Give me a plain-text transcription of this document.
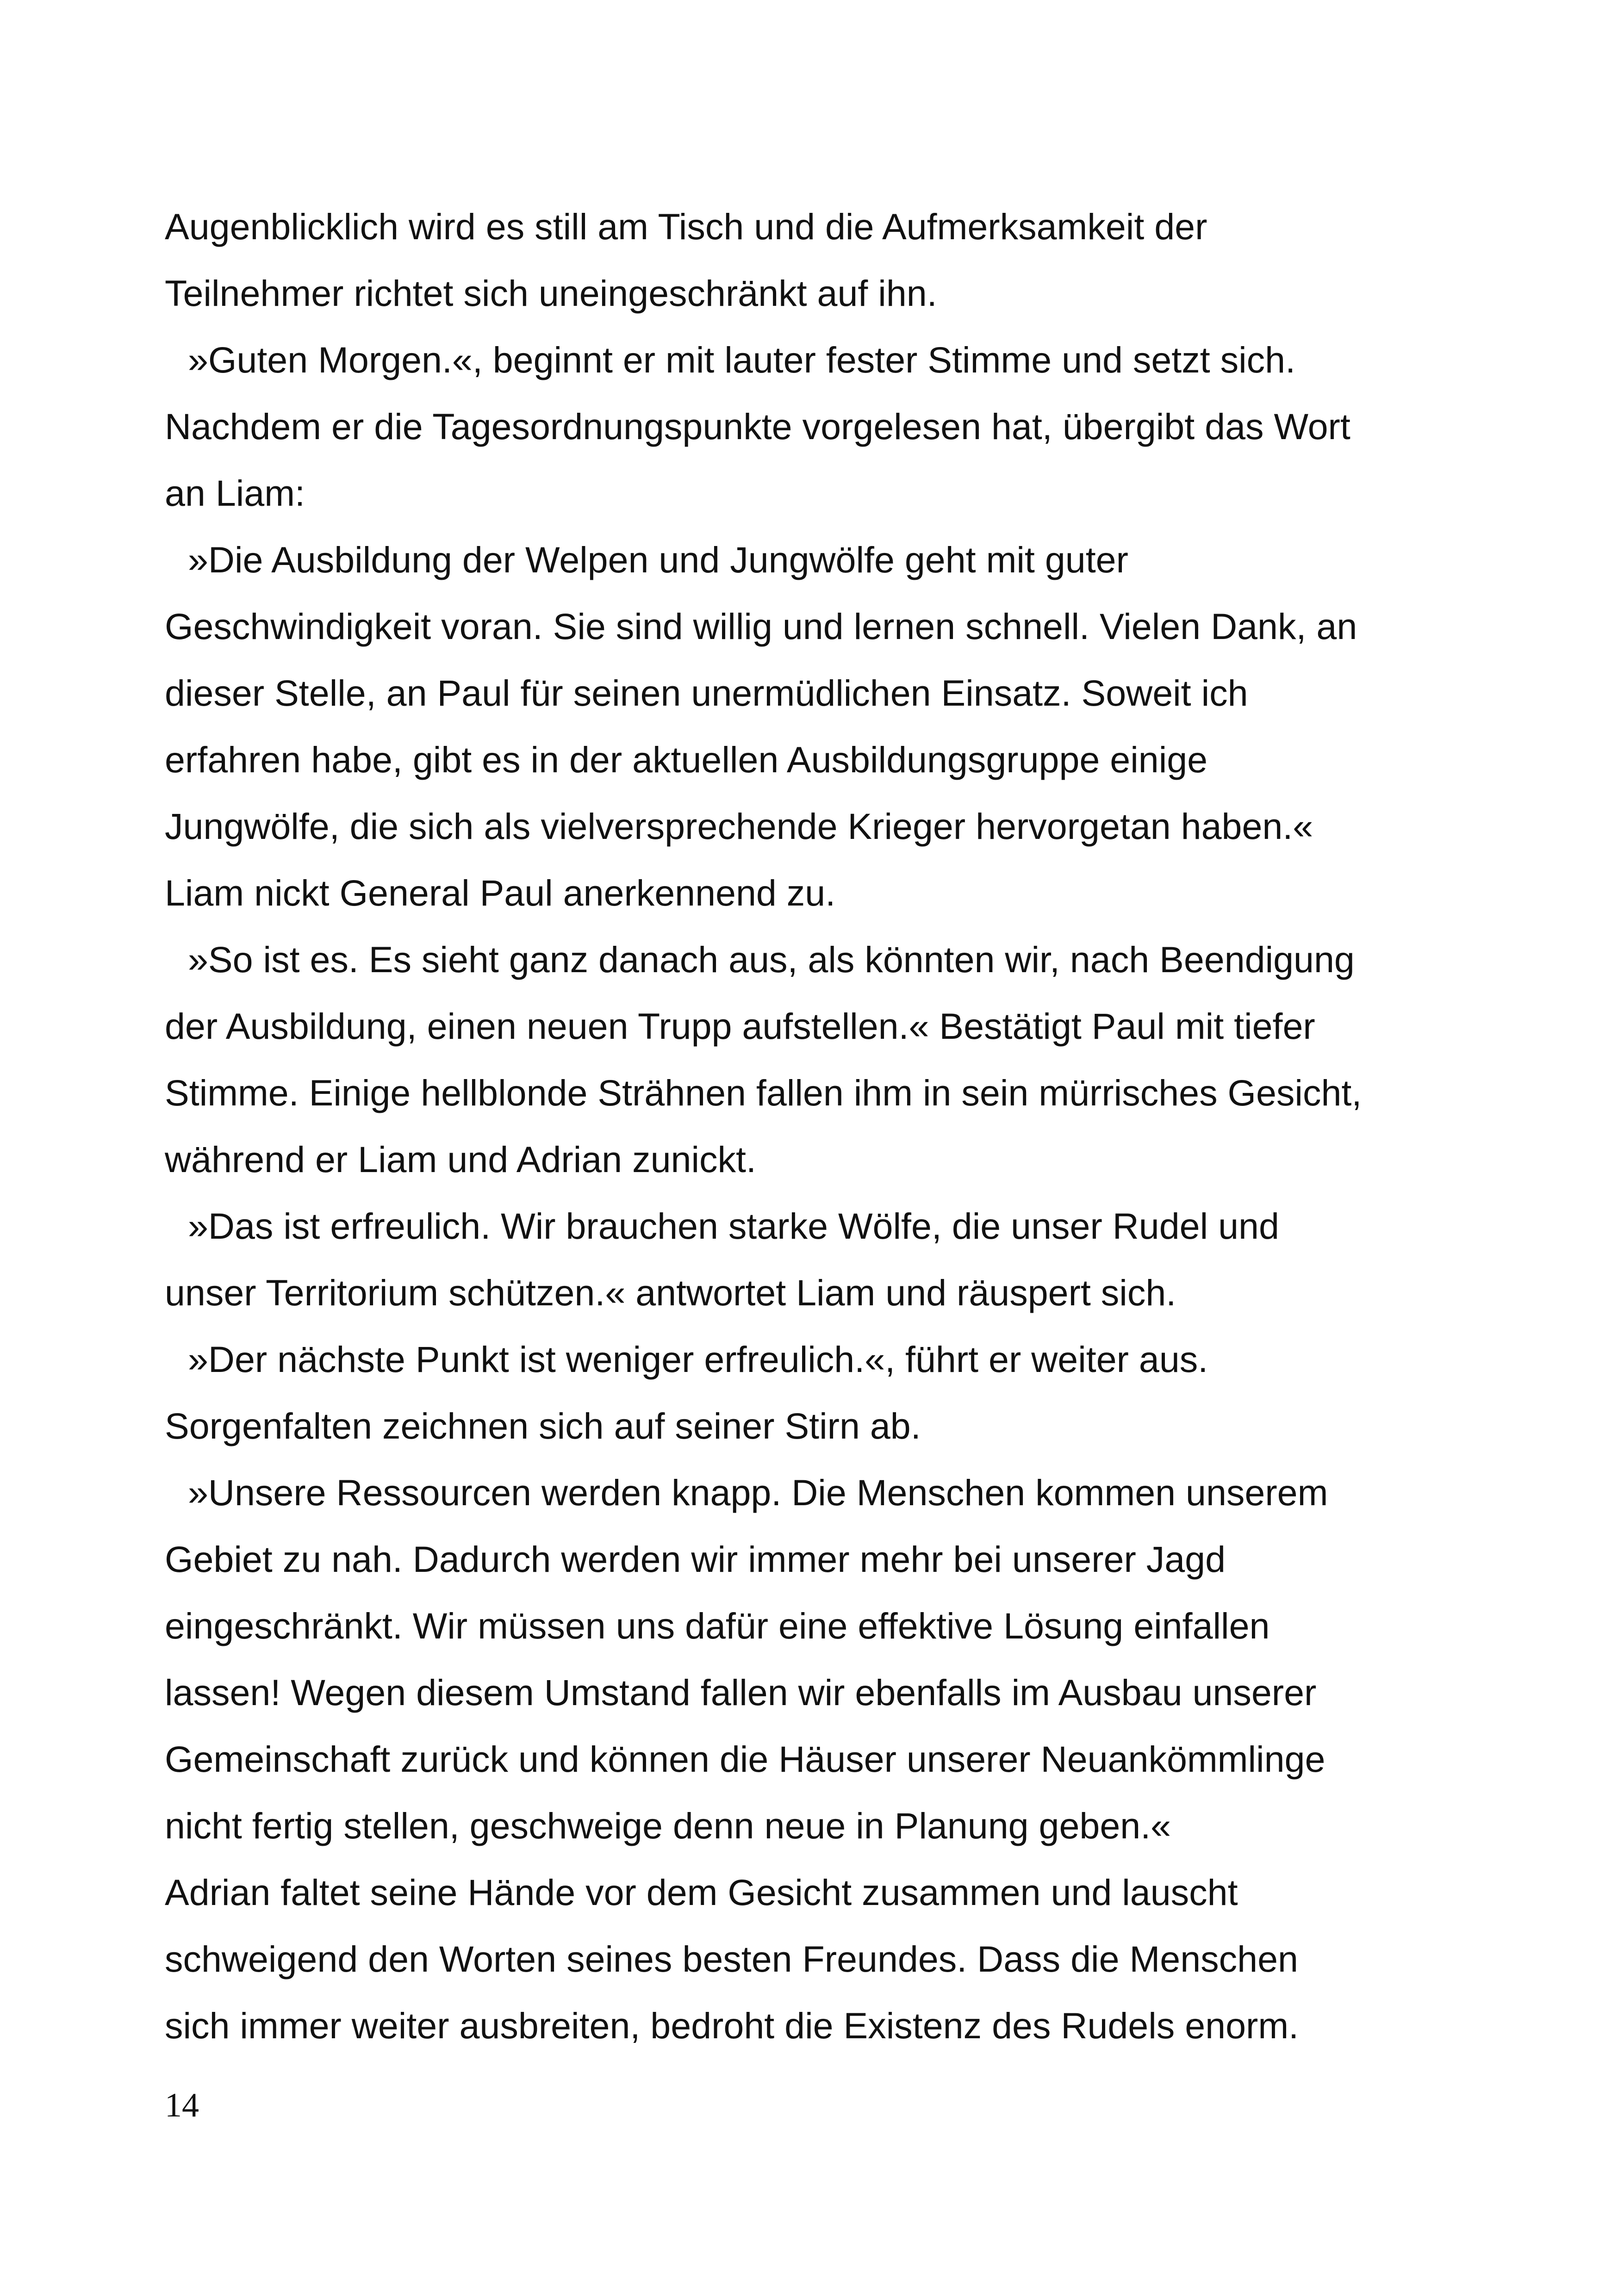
Augenblicklich wird es still am Tisch und die Aufmerksamkeit der
Teilnehmer richtet sich uneingeschränkt auf ihn.
»Guten Morgen.«, beginnt er mit lauter fester Stimme und setzt sich.
Nachdem er die Tagesordnungspunkte vorgelesen hat, übergibt das Wort
an Liam:
»Die Ausbildung der Welpen und Jungwölfe geht mit guter
Geschwindigkeit voran. Sie sind willig und lernen schnell. Vielen Dank, an
dieser Stelle, an Paul für seinen unermüdlichen Einsatz. Soweit ich
erfahren habe, gibt es in der aktuellen Ausbildungsgruppe einige
Jungwölfe, die sich als vielversprechende Krieger hervorgetan haben.«
Liam nickt General Paul anerkennend zu.
»So ist es. Es sieht ganz danach aus, als könnten wir, nach Beendigung
der Ausbildung, einen neuen Trupp aufstellen.« Bestätigt Paul mit tiefer
Stimme. Einige hellblonde Strähnen fallen ihm in sein mürrisches Gesicht,
während er Liam und Adrian zunickt.
»Das ist erfreulich. Wir brauchen starke Wölfe, die unser Rudel und
unser Territorium schützen.« antwortet Liam und räuspert sich.
»Der nächste Punkt ist weniger erfreulich.«, führt er weiter aus.
Sorgenfalten zeichnen sich auf seiner Stirn ab.
»Unsere Ressourcen werden knapp. Die Menschen kommen unserem
Gebiet zu nah. Dadurch werden wir immer mehr bei unserer Jagd
eingeschränkt. Wir müssen uns dafür eine effektive Lösung einfallen
lassen! Wegen diesem Umstand fallen wir ebenfalls im Ausbau unserer
Gemeinschaft zurück und können die Häuser unserer Neuankömmlinge
nicht fertig stellen, geschweige denn neue in Planung geben.«
Adrian faltet seine Hände vor dem Gesicht zusammen und lauscht
schweigend den Worten seines besten Freundes. Dass die Menschen
sich immer weiter ausbreiten, bedroht die Existenz des Rudels enorm.
14
